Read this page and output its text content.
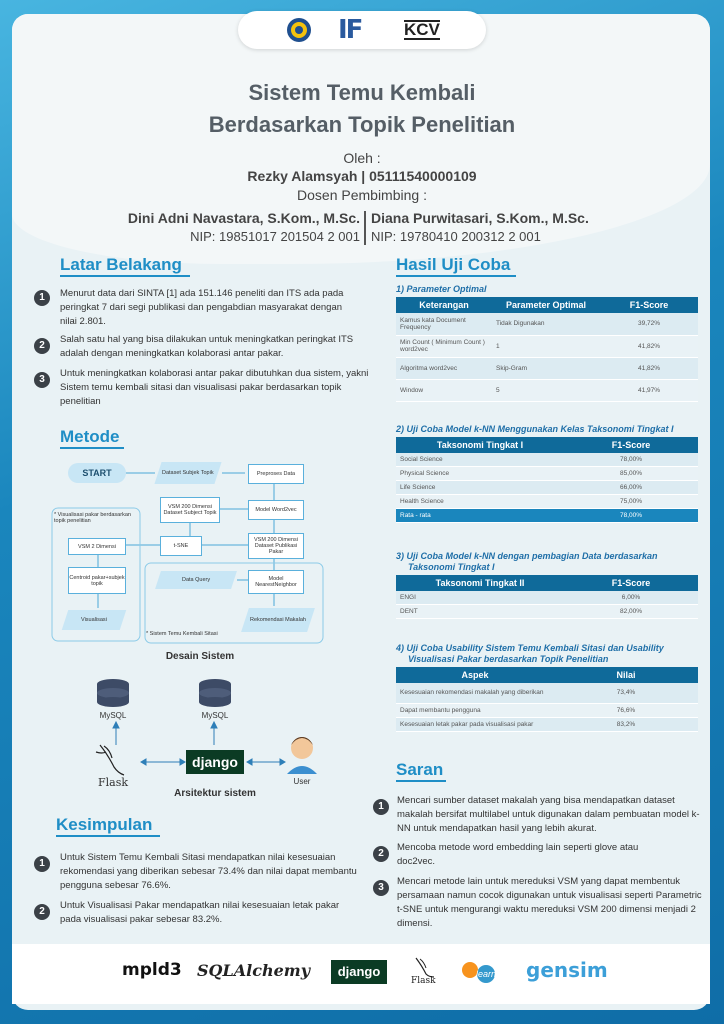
IF	KCV
Sistem Temu Kembali
Berdasarkan Topik Penelitian
Oleh :
Rezky Alamsyah | 05111540000109
Dosen Pembimbing :
Dini Adni Navastara, S.Kom., M.Sc.
NIP: 19851017 201504 2 001
Diana Purwitasari, S.Kom., M.Sc.
NIP: 19780410 200312 2 001
Latar Belakang
1	Menurut data dari SINTA [1] ada 151.146 peneliti dan ITS ada pada peringkat 7 dari segi publikasi dan pengabdian masyarakat dengan nilai 2.801.
2
Salah satu hal yang bisa dilakukan untuk meningkatkan peringkat ITS adalah dengan meningkatkan kolaborasi antar pakar.
3
Untuk meningkatkan kolaborasi antar pakar dibutuhkan dua sistem, yakni Sistem temu kembali sitasi dan visualisasi pakar berdasarkan topik penelitian
Metode
START	Dataset Subjek Topik	Preproses Data
Model Word2vec
VSM 200 Dimensi Dataset Subject Topik
VSM 200 Dimensi Dataset Publikasi Pakar
t-SNE
VSM 2 Dimensi
Centroid pakar+subjek topik
Visualisasi
Data Query	Model NearestNeighbor
Rekomendasi Makalah
* Visualisasi pakar berdasarkan topik penelitian
* Sistem Temu Kembali Sitasi
Desain Sistem
MySQL	MySQL
Flask
django
User
Arsitektur sistem
Kesimpulan
1
Untuk Sistem Temu Kembali Sitasi mendapatkan nilai kesesuaian rekomendasi yang diberikan sebesar 73.4% dan nilai dapat membantu pengguna sebesar 76.6%.
2
Untuk Visualisasi Pakar mendapatkan nilai kesesuaian letak pakar pada visualisasi pakar sebesar 83.2%.
Hasil Uji Coba
1) Parameter Optimal
Keterangan	Parameter Optimal	F1-Score
Kamus kata Document Frequency	Tidak Digunakan	39,72%
Min Count ( Minimum Count ) word2vec	1	41,82%
Algoritma word2vec	Skip-Gram	41,82%
Window	5	41,97%
2) Uji Coba Model k-NN Menggunakan Kelas Taksonomi Tingkat I
Taksonomi Tingkat I	F1-Score
Social Science	78,00%
Physical Science	85,00%
Life Science	66,00%
Health Science	75,00%
Rata - rata	78,00%
3) Uji Coba Model k-NN dengan pembagian Data berdasarkan
Taksonomi Tingkat I
Taksonomi Tingkat II	F1-Score
ENGI	6,00%
DENT	82,00%
4) Uji Coba Usability Sistem Temu Kembali Sitasi dan Usability
Visualisasi Pakar berdasarkan Topik Penelitian
Aspek	Nilai
Kesesuaian rekomendasi makalah yang diberikan	73,4%
Dapat membantu pengguna	76,6%
Kesesuaian letak pakar pada visualisasi pakar	83,2%
Saran
1
Mencari sumber dataset makalah yang bisa mendapatkan dataset makalah bersifat multilabel untuk digunakan dalam pembuatan model k-NN untuk mendapatkan hasil yang lebih akurat.
2
Mencoba metode word embedding lain seperti glove atau doc2vec.
3
Mencari metode lain untuk mereduksi VSM yang dapat membentuk persamaan namun cocok digunakan untuk visualisasi seperti Parametric t-SNE untuk mengurangi waktu mereduksi VSM 200 dimensi menjadi 2 dimensi.
mpld3 SQLAlchemy	django
Flask
learn gensim
